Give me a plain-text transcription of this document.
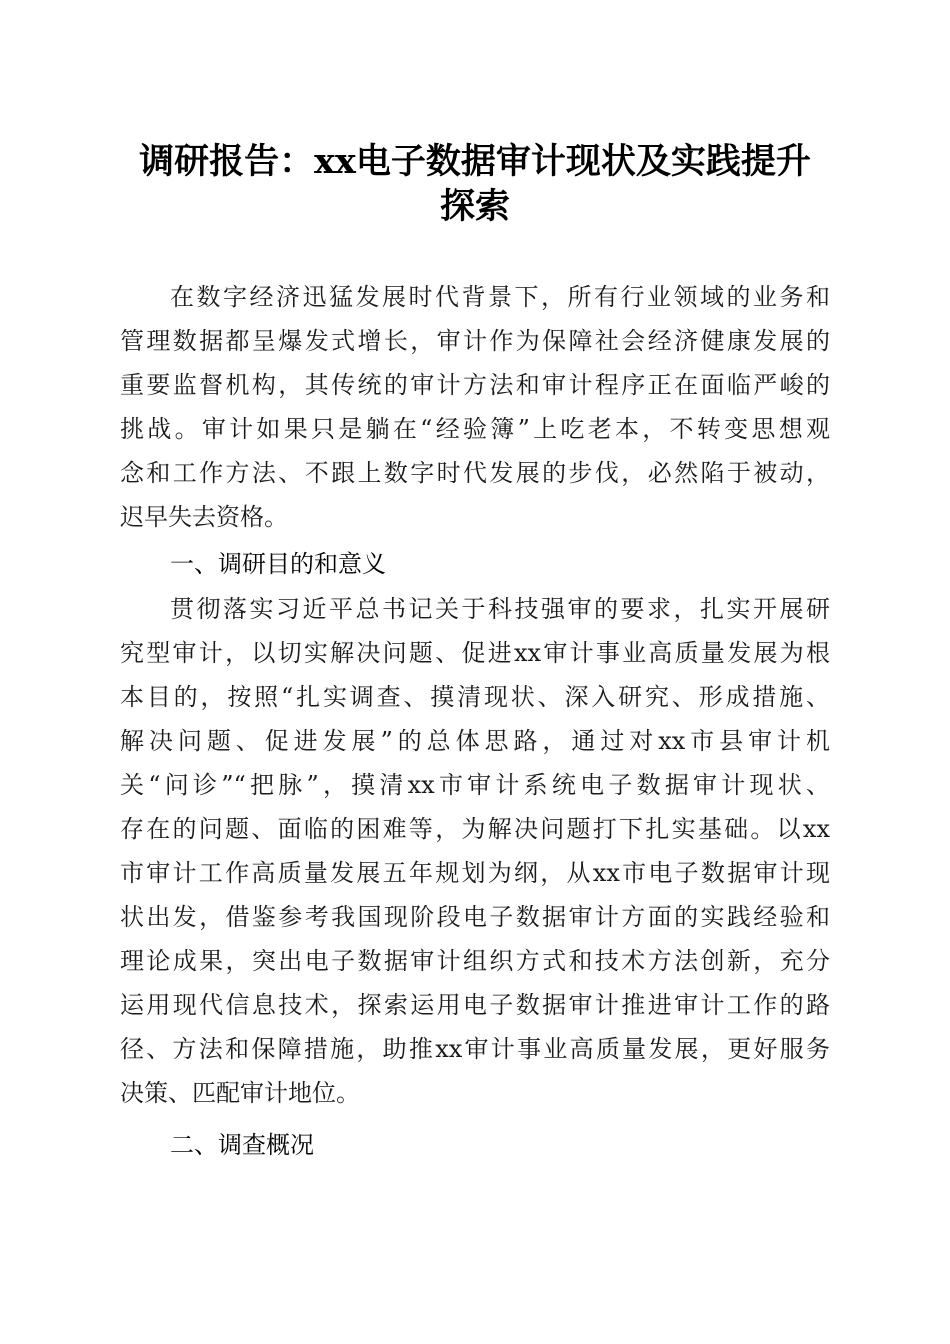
调研报告：xx电子数据审计现状及实践提升
探索
在数字经济迅猛发展时代背景下，所有行业领域的业务和
管理数据都呈爆发式增长，审计作为保障社会经济健康发展的
重要监督机构，其传统的审计方法和审计程序正在面临严峻的
挑战。审计如果只是躺在“经验簿”上吃老本，不转变思想观
念和工作方法、不跟上数字时代发展的步伐，必然陷于被动，
迟早失去资格。
一、调研目的和意义
贯彻落实习近平总书记关于科技强审的要求，扎实开展研
究型审计，以切实解决问题、促进xx审计事业高质量发展为根
本目的，按照“扎实调查、摸清现状、深入研究、形成措施、
解决问题、促进发展”的总体思路，通过对xx市县审计机
关“问诊”“把脉”，摸清xx市审计系统电子数据审计现状、
存在的问题、面临的困难等，为解决问题打下扎实基础。以xx
市审计工作高质量发展五年规划为纲，从xx市电子数据审计现
状出发，借鉴参考我国现阶段电子数据审计方面的实践经验和
理论成果，突出电子数据审计组织方式和技术方法创新，充分
运用现代信息技术，探索运用电子数据审计推进审计工作的路
径、方法和保障措施，助推xx审计事业高质量发展，更好服务
决策、匹配审计地位。
二、调查概况
